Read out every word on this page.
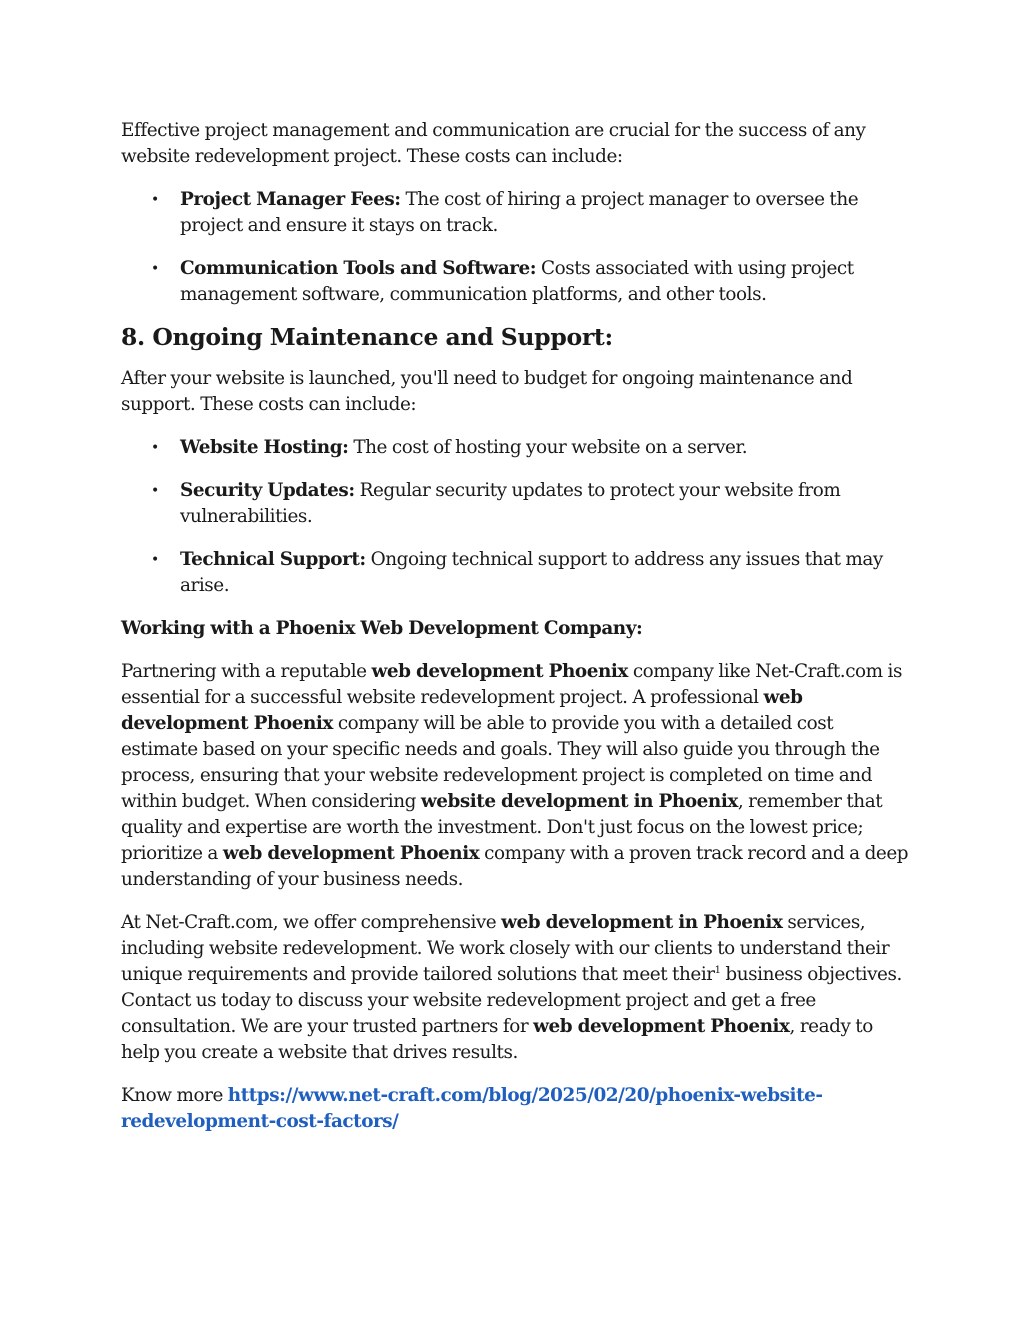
Effective project management and communication are crucial for the success of any website redevelopment project. These costs can include:

• Project Manager Fees: The cost of hiring a project manager to oversee the project and ensure it stays on track.
• Communication Tools and Software: Costs associated with using project management software, communication platforms, and other tools.
8. Ongoing Maintenance and Support:

After your website is launched, you'll need to budget for ongoing maintenance and support. These costs can include:

• Website Hosting: The cost of hosting your website on a server.
• Security Updates: Regular security updates to protect your website from vulnerabilities.
• Technical Support: Ongoing technical support to address any issues that may arise.
Working with a Phoenix Web Development Company:

Partnering with a reputable web development Phoenix company like Net-Craft.com is essential for a successful website redevelopment project. A professional web development Phoenix company will be able to provide you with a detailed cost estimate based on your specific needs and goals. They will also guide you through the process, ensuring that your website redevelopment project is completed on time and within budget. When considering website development in Phoenix, remember that quality and expertise are worth the investment. Don't just focus on the lowest price; prioritize a web development Phoenix company with a proven track record and a deep understanding of your business needs.

At Net-Craft.com, we offer comprehensive web development in Phoenix services, including website redevelopment. We work closely with our clients to understand their unique requirements and provide tailored solutions that meet their$^1$ business objectives. Contact us today to discuss your website redevelopment project and get a free consultation. We are your trusted partners for web development Phoenix, ready to help you create a website that drives results.

Know more https://www.net-craft.com/blog/2025/02/20/phoenix-website-redevelopment-cost-factors/
